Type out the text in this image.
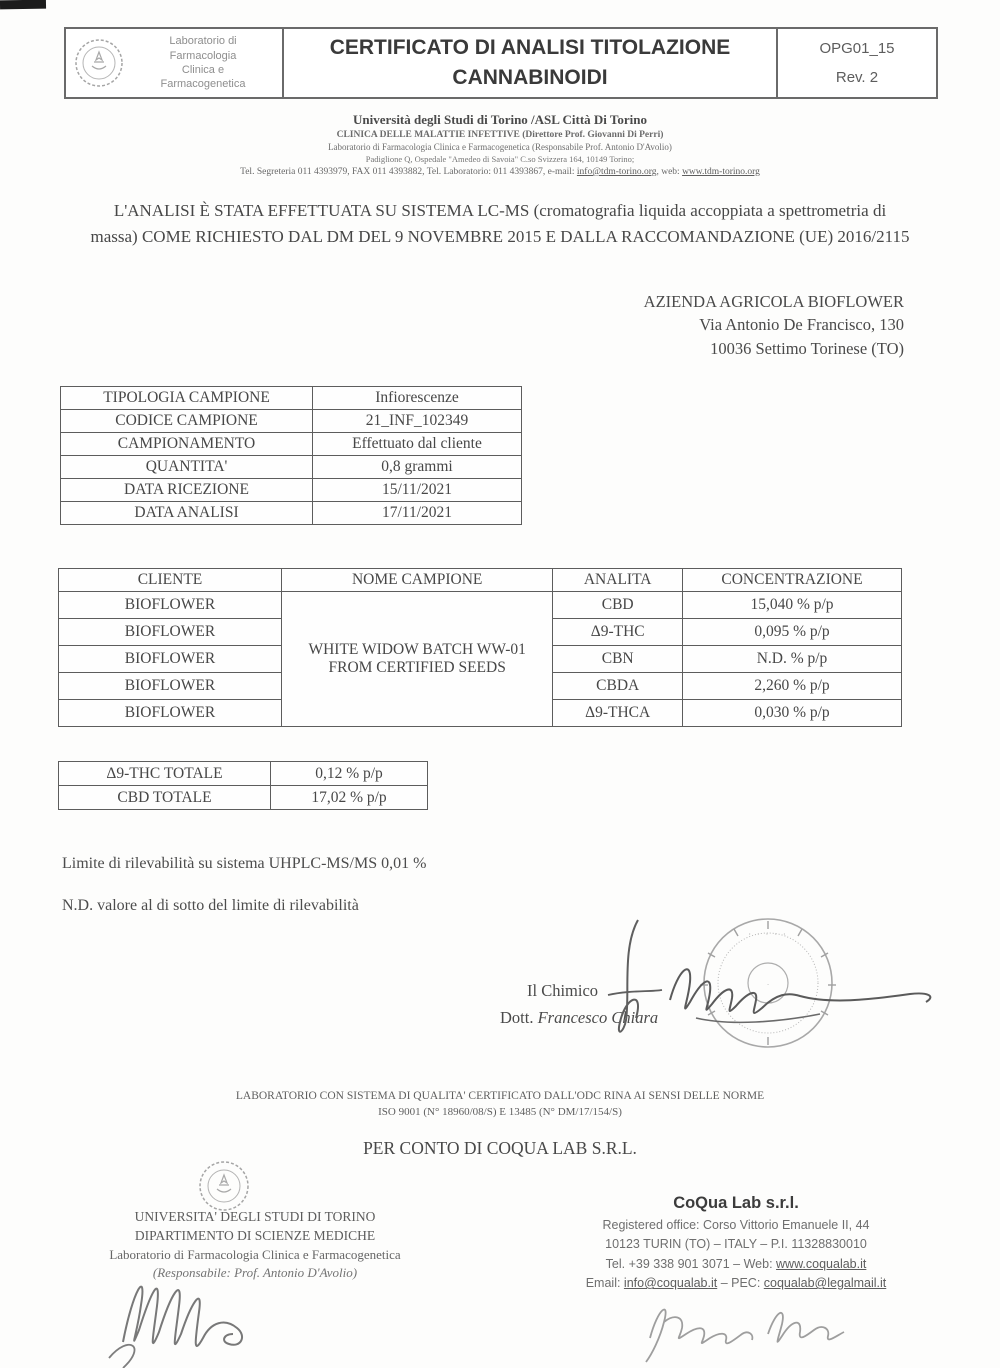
Laboratorio di
Farmacologia
Clinica e
Farmacogenetica
CERTIFICATO DI ANALISI TITOLAZIONE
CANNABINOIDI
OPG01_15
Rev. 2
Università degli Studi di Torino /ASL Città Di Torino
CLINICA DELLE MALATTIE INFETTIVE (Direttore Prof. Giovanni Di Perri)
Laboratorio di Farmacologia Clinica e Farmacogenetica (Responsabile Prof. Antonio D'Avolio)
Padiglione Q, Ospedale "Amedeo di Savoia" C.so Svizzera 164, 10149 Torino;
Tel. Segreteria 011 4393979, FAX 011 4393882, Tel. Laboratorio: 011 4393867, e-mail: info@tdm-torino.org, web: www.tdm-torino.org
L'ANALISI È STATA EFFETTUATA SU SISTEMA LC-MS (cromatografia liquida accoppiata a spettrometria di massa) COME RICHIESTO DAL DM DEL 9 NOVEMBRE 2015 E DALLA RACCOMANDAZIONE (UE) 2016/2115
AZIENDA AGRICOLA BIOFLOWER
Via Antonio De Francisco, 130
10036 Settimo Torinese (TO)
TIPOLOGIA CAMPIONE	Infiorescenze
CODICE CAMPIONE	21_INF_102349
CAMPIONAMENTO	Effettuato dal cliente
QUANTITA'	0,8 grammi
DATA RICEZIONE	15/11/2021
DATA ANALISI	17/11/2021
CLIENTE	NOME CAMPIONE	ANALITA	CONCENTRAZIONE
BIOFLOWER	WHITE WIDOW BATCH WW-01 FROM CERTIFIED SEEDS	CBD	15,040 % p/p
BIOFLOWER		Δ9-THC	0,095 % p/p
BIOFLOWER		CBN	N.D. % p/p
BIOFLOWER		CBDA	2,260 % p/p
BIOFLOWER		Δ9-THCA	0,030 % p/p
Δ9-THC TOTALE	0,12 % p/p
CBD TOTALE	17,02 % p/p
Limite di rilevabilità su sistema UHPLC-MS/MS 0,01 %
N.D. valore al di sotto del limite di rilevabilità
Il Chimico
Dott. Francesco Chiara
· · · · ·
·
LABORATORIO CON SISTEMA DI QUALITA' CERTIFICATO DALL'ODC RINA AI SENSI DELLE NORME
ISO 9001 (N° 18960/08/S) E 13485 (N° DM/17/154/S)
PER CONTO DI COQUA LAB S.R.L.
UNIVERSITA' DEGLI STUDI DI TORINO
DIPARTIMENTO DI SCIENZE MEDICHE
Laboratorio di Farmacologia Clinica e Farmacogenetica
(Responsabile: Prof. Antonio D'Avolio)
CoQua Lab s.r.l.
Registered office: Corso Vittorio Emanuele II, 44
10123 TURIN (TO) – ITALY – P.I. 11328830010
Tel. +39 338 901 3071 – Web: www.coqualab.it
Email: info@coqualab.it – PEC: coqualab@legalmail.it
